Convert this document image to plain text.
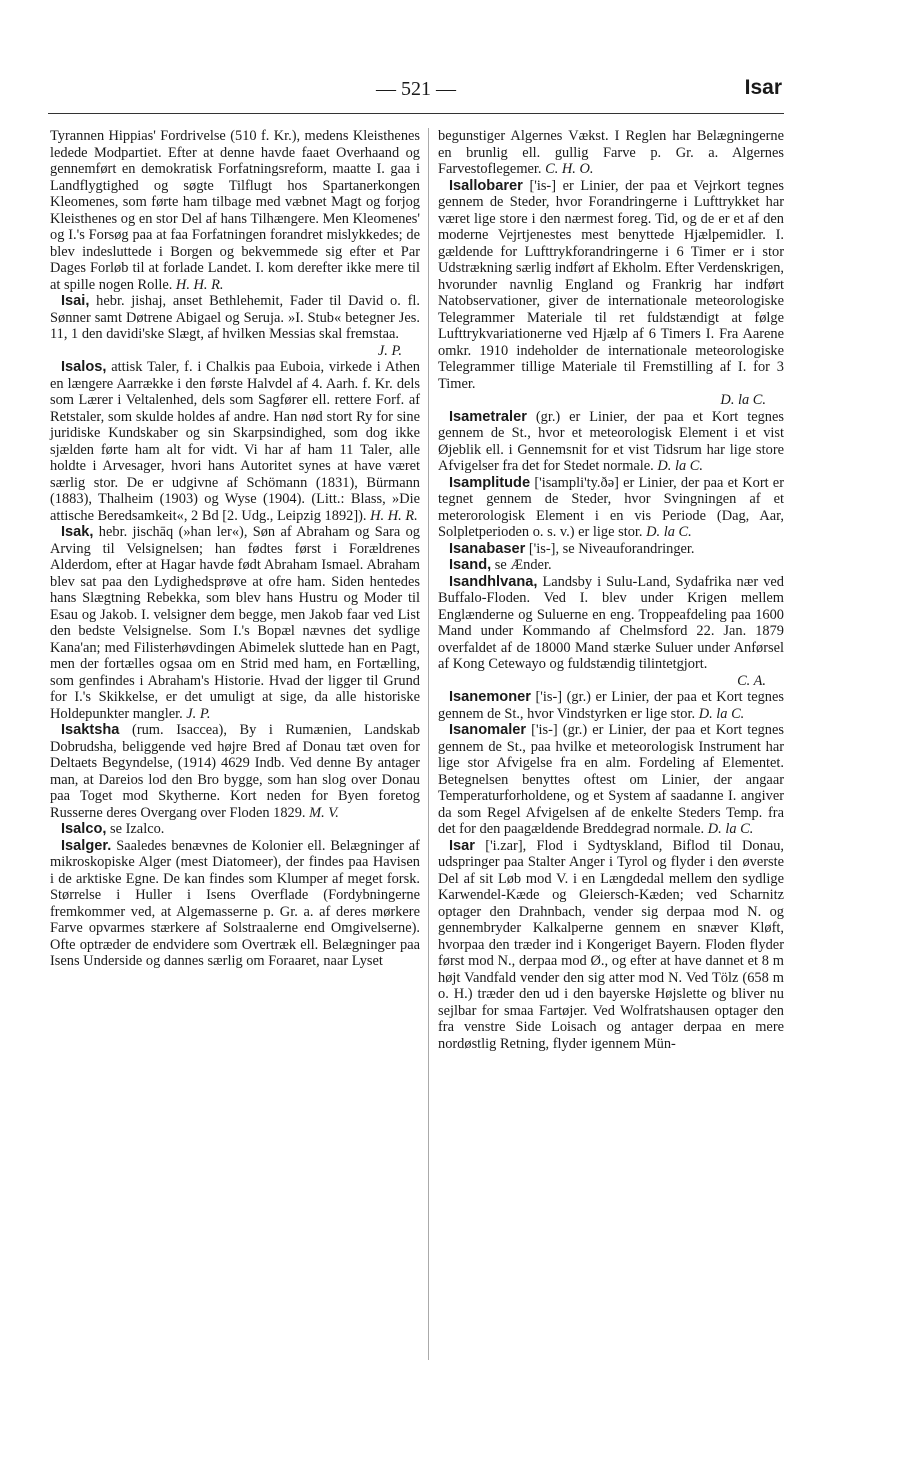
— 521 —	Isar

Tyrannen Hippias' Fordrivelse (510 f. Kr.), medens Kleisthenes ledede Modpartiet. Efter at denne havde faaet Overhaand og gennemført en demokratisk Forfatningsreform, maatte I. gaa i Landflygtighed og søgte Tilflugt hos Spartanerkongen Kleomenes, som førte ham tilbage med væbnet Magt og forjog Kleisthenes og en stor Del af hans Tilhængere. Men Kleomenes' og I.'s Forsøg paa at faa Forfatningen forandret mislykkedes; de blev indesluttede i Borgen og bekvemmede sig efter et Par Dages Forløb til at forlade Landet. I. kom derefter ikke mere til at spille nogen Rolle. H. H. R.

Isai, hebr. jishaj, anset Bethlehemit, Fader til David o. fl. Sønner samt Døtrene Abigael og Seruja. »I. Stub« betegner Jes. 11, 1 den davidi'ske Slægt, af hvilken Messias skal fremstaa.
J. P.

Isalos, attisk Taler, f. i Chalkis paa Euboia, virkede i Athen en længere Aarrække i den første Halvdel af 4. Aarh. f. Kr. dels som Lærer i Veltalenhed, dels som Sagfører ell. rettere Forf. af Retstaler, som skulde holdes af andre. Han nød stort Ry for sine juridiske Kundskaber og sin Skarpsindighed, som dog ikke sjælden førte ham alt for vidt. Vi har af ham 11 Taler, alle holdte i Arvesager, hvori hans Autoritet synes at have været særlig stor. De er udgivne af Schömann (1831), Bürmann (1883), Thalheim (1903) og Wyse (1904). (Litt.: Blass, »Die attische Beredsamkeit«, 2 Bd [2. Udg., Leipzig 1892]). H. H. R.

Isak, hebr. jischāq (»han ler«), Søn af Abraham og Sara og Arving til Velsignelsen; han fødtes først i Forældrenes Alderdom, efter at Hagar havde født Abraham Ismael. Abraham blev sat paa den Lydighedsprøve at ofre ham. Siden hentedes hans Slægtning Rebekka, som blev hans Hustru og Moder til Esau og Jakob. I. velsigner dem begge, men Jakob faar ved List den bedste Velsignelse. Som I.'s Bopæl nævnes det sydlige Kana'an; med Filisterhøvdingen Abimelek sluttede han en Pagt, men der fortælles ogsaa om en Strid med ham, en Fortælling, som genfindes i Abraham's Historie. Hvad der ligger til Grund for I.'s Skikkelse, er det umuligt at sige, da alle historiske Holdepunkter mangler. J. P.

Isaktsha (rum. Isaccea), By i Rumænien, Landskab Dobrudsha, beliggende ved højre Bred af Donau tæt oven for Deltaets Begyndelse, (1914) 4629 Indb. Ved denne By antager man, at Dareios lod den Bro bygge, som han slog over Donau paa Toget mod Skytherne. Kort neden for Byen foretog Russerne deres Overgang over Floden 1829. M. V.

Isalco, se Izalco.

Isalger. Saaledes benævnes de Kolonier ell. Belægninger af mikroskopiske Alger (mest Diatomeer), der findes paa Havisen i de arktiske Egne. De kan findes som Klumper af meget forsk. Størrelse i Huller i Isens Overflade (Fordybningerne fremkommer ved, at Algemasserne p. Gr. a. af deres mørkere Farve opvarmes stærkere af Solstraalerne end Omgivelserne). Ofte optræder de endvidere som Overtræk ell. Belægninger paa Isens Underside og dannes særlig om Foraaret, naar Lyset

begunstiger Algernes Vækst. I Reglen har Belægningerne en brunlig ell. gullig Farve p. Gr. a. Algernes Farvestoflegemer. C. H. O.

Isallobarer ['is-] er Linier, der paa et Vejrkort tegnes gennem de Steder, hvor Forandringerne i Lufttrykket har været lige store i den nærmest foreg. Tid, og de er et af den moderne Vejrtjenestes mest benyttede Hjælpemidler. I. gældende for Lufttrykforandringerne i 6 Timer er i stor Udstrækning særlig indført af Ekholm. Efter Verdenskrigen, hvorunder navnlig England og Frankrig har indført Natobservationer, giver de internationale meteorologiske Telegrammer Materiale til ret fuldstændigt at følge Lufttrykvariationerne ved Hjælp af 6 Timers I. Fra Aarene omkr. 1910 indeholder de internationale meteorologiske Telegrammer tillige Materiale til Fremstilling af I. for 3 Timer.
D. la C.

Isametraler (gr.) er Linier, der paa et Kort tegnes gennem de St., hvor et meteorologisk Element i et vist Øjeblik ell. i Gennemsnit for et vist Tidsrum har lige store Afvigelser fra det for Stedet normale. D. la C.

Isamplitude ['isampli'ty.ðə] er Linier, der paa et Kort er tegnet gennem de Steder, hvor Svingningen af et meterorologisk Element i en vis Periode (Dag, Aar, Solpletperioden o. s. v.) er lige stor. D. la C.

Isanabaser ['is-], se Niveauforandringer.

Isand, se Ænder.

Isandhlvana, Landsby i Sulu-Land, Sydafrika nær ved Buffalo-Floden. Ved I. blev under Krigen mellem Englænderne og Suluerne en eng. Troppeafdeling paa 1600 Mand under Kommando af Chelmsford 22. Jan. 1879 overfaldet af de 18000 Mand stærke Suluer under Anførsel af Kong Cetewayo og fuldstændig tilintetgjort.
C. A.

Isanemoner ['is-] (gr.) er Linier, der paa et Kort tegnes gennem de St., hvor Vindstyrken er lige stor. D. la C.

Isanomaler ['is-] (gr.) er Linier, der paa et Kort tegnes gennem de St., paa hvilke et meteorologisk Instrument har lige stor Afvigelse fra en alm. Fordeling af Elementet. Betegnelsen benyttes oftest om Linier, der angaar Temperaturforholdene, og et System af saadanne I. angiver da som Regel Afvigelsen af de enkelte Steders Temp. fra det for den paagældende Breddegrad normale. D. la C.

Isar ['i.zar], Flod i Sydtyskland, Biflod til Donau, udspringer paa Stalter Anger i Tyrol og flyder i den øverste Del af sit Løb mod V. i en Længdedal mellem den sydlige Karwendel-Kæde og Gleiersch-Kæden; ved Scharnitz optager den Drahnbach, vender sig derpaa mod N. og gennembryder Kalkalperne gennem en snæver Kløft, hvorpaa den træder ind i Kongeriget Bayern. Floden flyder først mod N., derpaa mod Ø., og efter at have dannet et 8 m højt Vandfald vender den sig atter mod N. Ved Tölz (658 m o. H.) træder den ud i den bayerske Højslette og bliver nu sejlbar for smaa Fartøjer. Ved Wolfratshausen optager den fra venstre Side Loisach og antager derpaa en mere nordøstlig Retning, flyder igennem Mün-
